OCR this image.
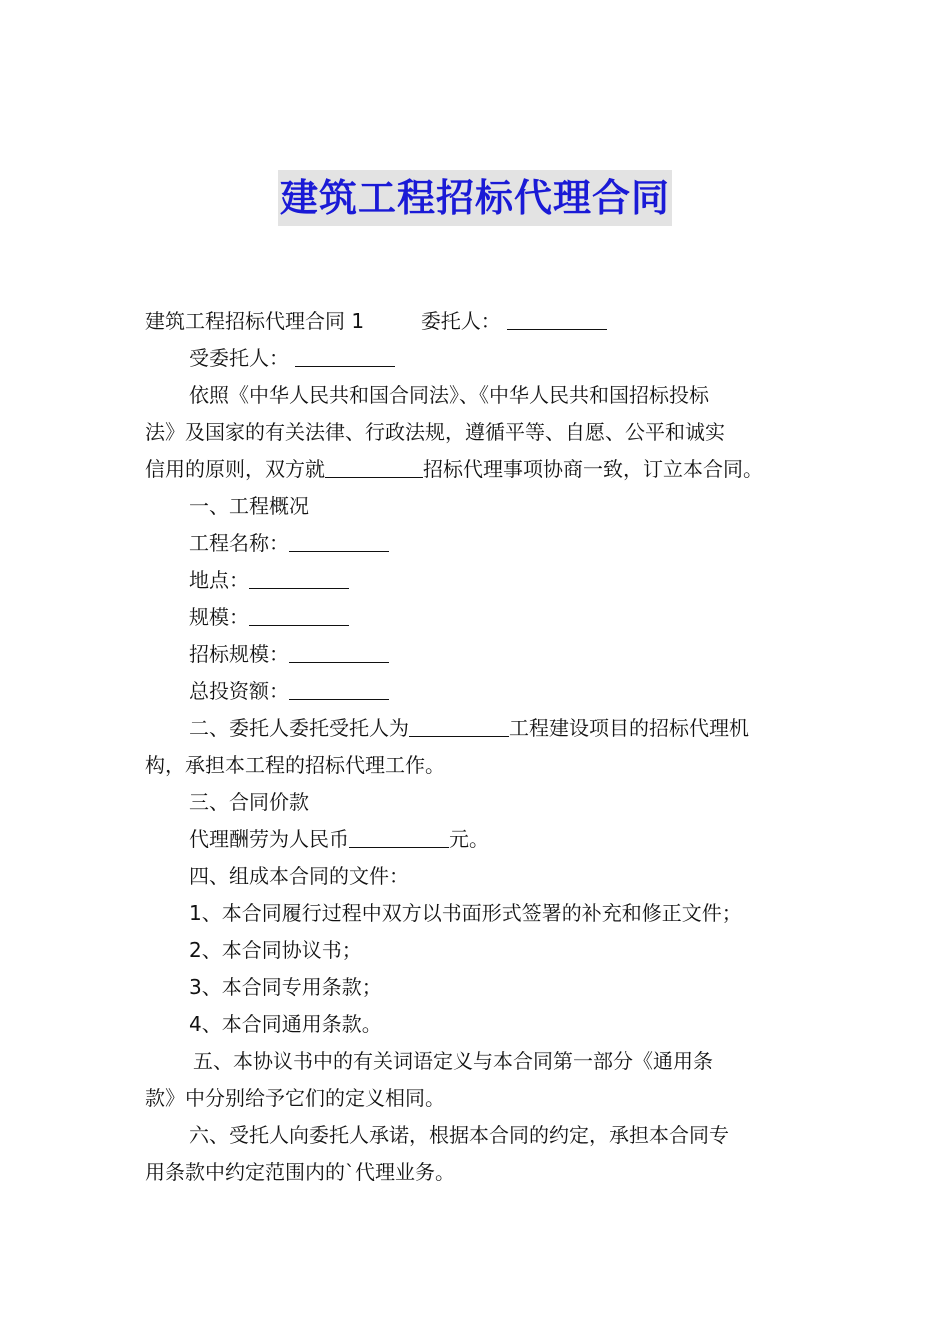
建筑工程招标代理合同
建筑工程招标代理合同 1	委托人：
受委托人：
依照《中华人民共和国合同法》、《中华人民共和国招标投标
法》及国家的有关法律、行政法规，遵循平等、自愿、公平和诚实
信用的原则，双方就	招标代理事项协商一致，订立本合同。
一、工程概况
工程名称：
地点：
规模：
招标规模：
总投资额：
二、委托人委托受托人为	工程建设项目的招标代理机
构，承担本工程的招标代理工作。
三、合同价款
代理酬劳为人民币	元。
四、组成本合同的文件：
1、本合同履行过程中双方以书面形式签署的补充和修正文件；
2、本合同协议书；
3、本合同专用条款；
4、本合同通用条款。
五、本协议书中的有关词语定义与本合同第一部分《通用条
款》中分别给予它们的定义相同。
六、受托人向委托人承诺，根据本合同的约定，承担本合同专
用条款中约定范围内的`代理业务。
